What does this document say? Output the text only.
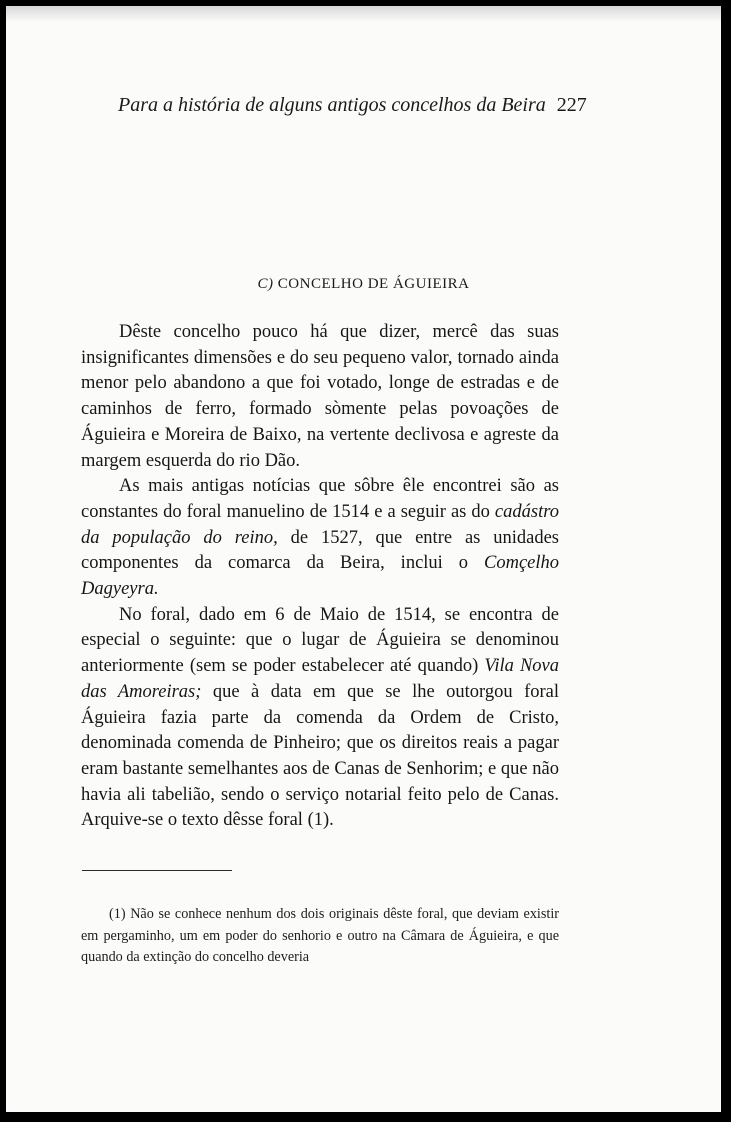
Para a história de alguns antigos concelhos da Beira 227
C) CONCELHO DE ÁGUIEIRA

Dêste concelho pouco há que dizer, mercê das suas insignificantes dimensões e do seu pequeno valor, tornado ainda menor pelo abandono a que foi votado, longe de estradas e de caminhos de ferro, formado sòmente pelas povoações de Águieira e Moreira de Baixo, na vertente declivosa e agreste da margem esquerda do rio Dão.

As mais antigas notícias que sôbre êle encontrei são as constantes do foral manuelino de 1514 e a seguir as do cadástro da população do reino, de 1527, que entre as unidades componentes da comarca da Beira, inclui o Comçelho Dagyeyra.

No foral, dado em 6 de Maio de 1514, se encontra de especial o seguinte: que o lugar de Águieira se denominou anteriormente (sem se poder estabelecer até quando) Vila Nova das Amoreiras; que à data em que se lhe outorgou foral Águieira fazia parte da comenda da Ordem de Cristo, denominada comenda de Pinheiro; que os direitos reais a pagar eram bastante semelhantes aos de Canas de Senhorim; e que não havia ali tabelião, sendo o serviço notarial feito pelo de Canas. Arquive-se o texto dêsse foral (1).

(1) Não se conhece nenhum dos dois originais dêste foral, que deviam existir em pergaminho, um em poder do senhorio e outro na Câmara de Águieira, e que quando da extinção do concelho deveria
